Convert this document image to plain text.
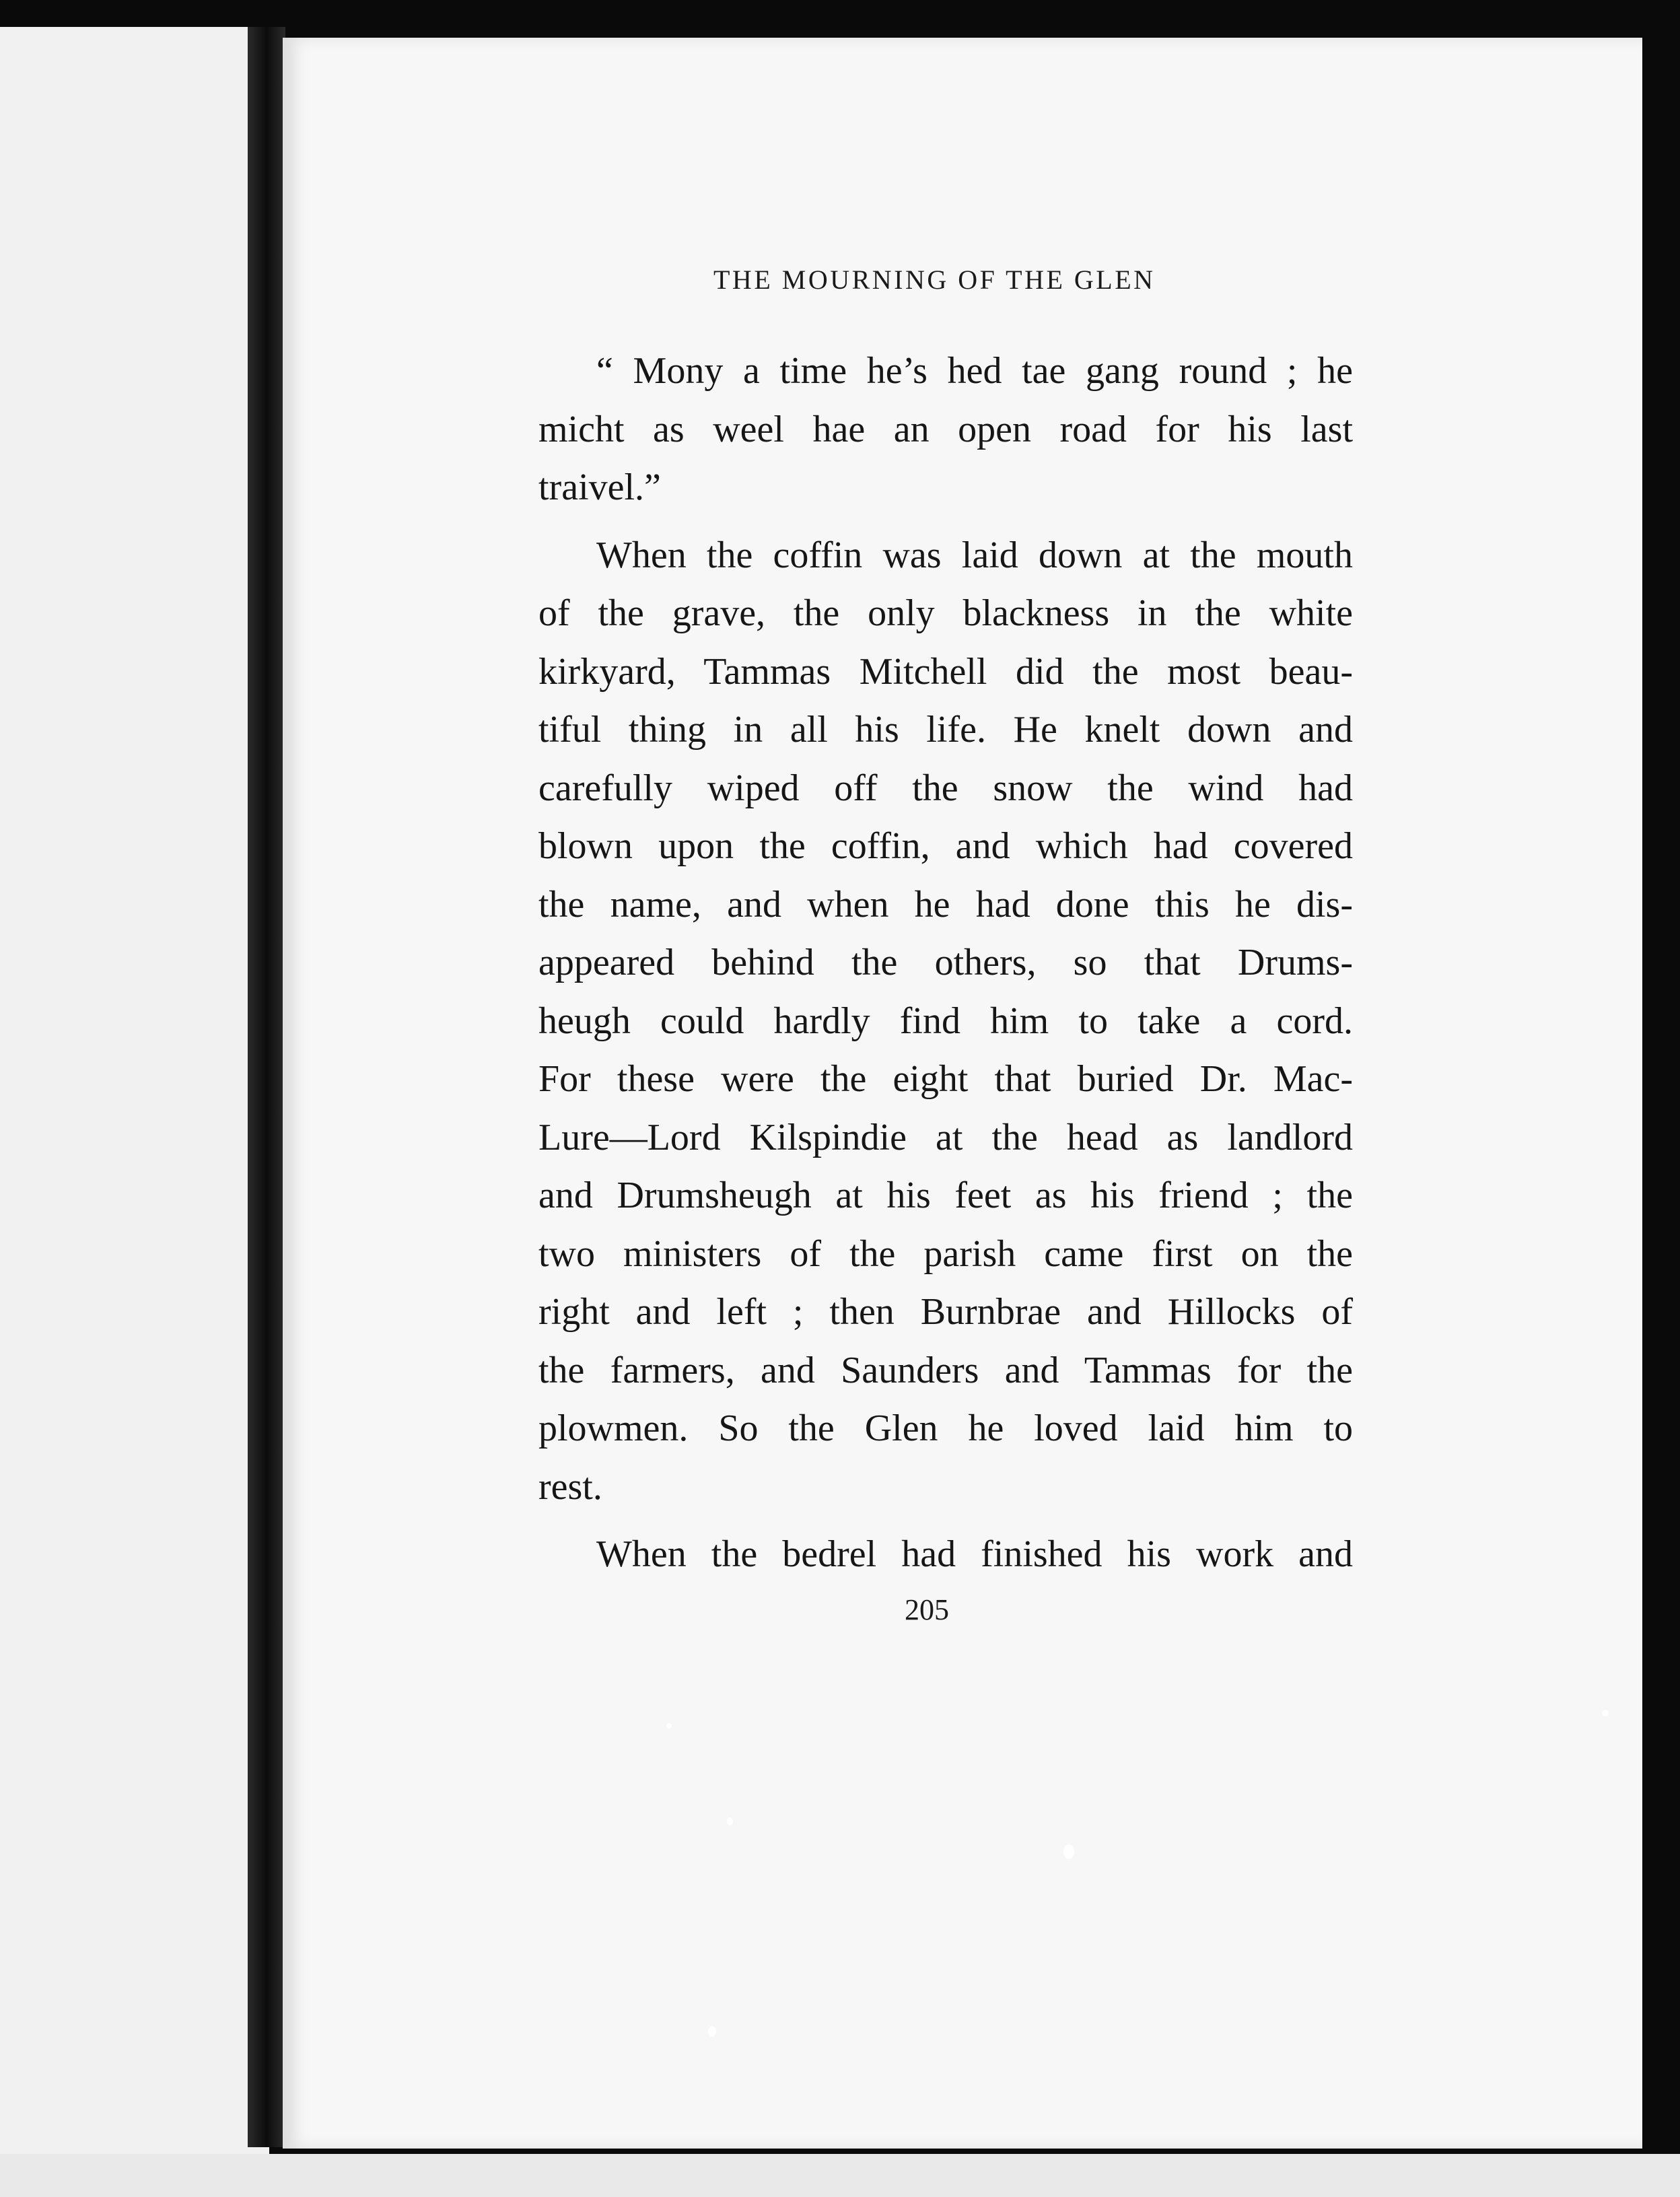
THE MOURNING OF THE GLEN
“ Mony a time he’s hed tae gang round ; he
micht as weel hae an open road for his last
traivel.”
When the coffin was laid down at the mouth
of the grave, the only blackness in the white
kirkyard, Tammas Mitchell did the most beau-
tiful thing in all his life. He knelt down and
carefully wiped off the snow the wind had
blown upon the coffin, and which had covered
the name, and when he had done this he dis-
appeared behind the others, so that Drums-
heugh could hardly find him to take a cord.
For these were the eight that buried Dr. Mac-
Lure—Lord Kilspindie at the head as landlord
and Drumsheugh at his feet as his friend ; the
two ministers of the parish came first on the
right and left ; then Burnbrae and Hillocks of
the farmers, and Saunders and Tammas for the
plowmen. So the Glen he loved laid him to
rest.
When the bedrel had finished his work and
205
